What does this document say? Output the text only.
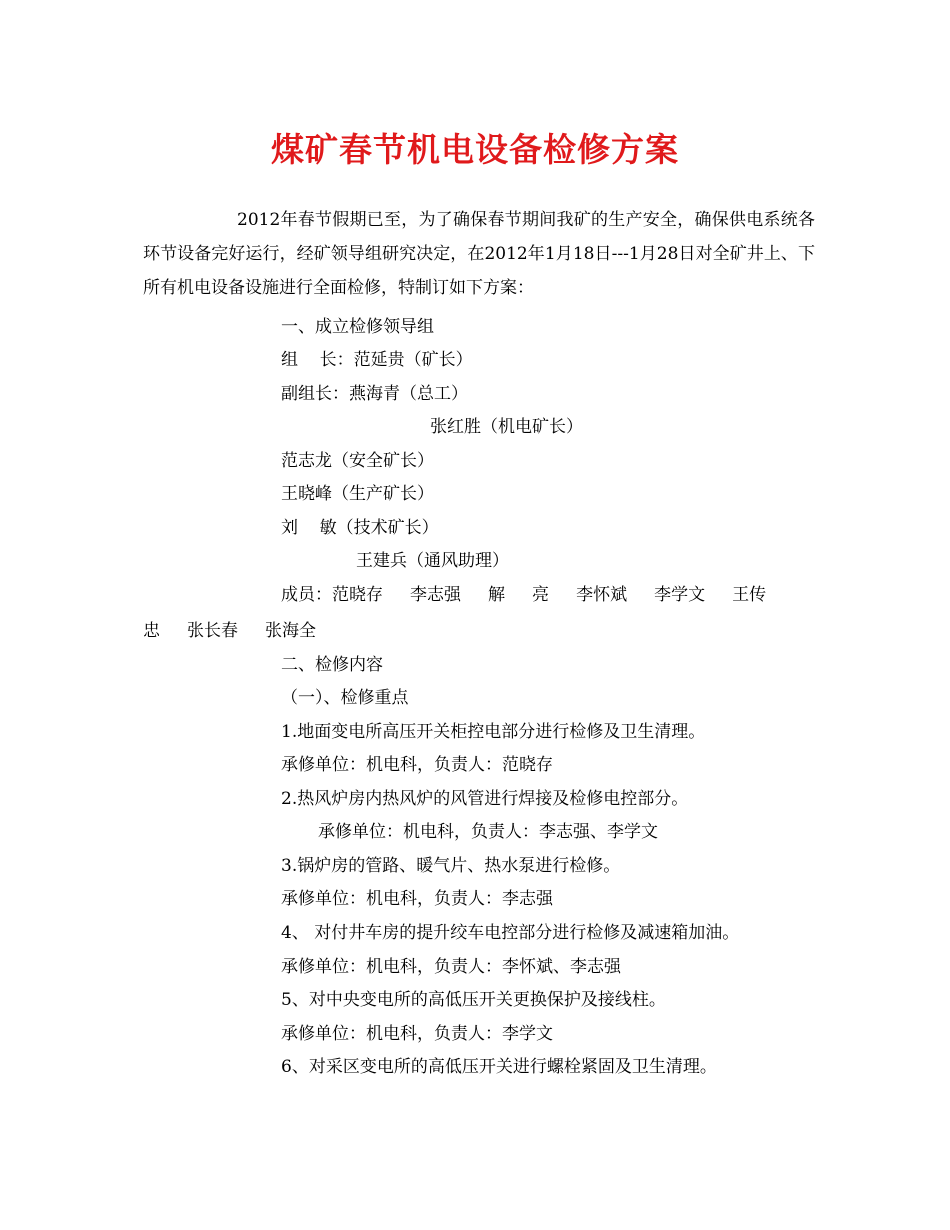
煤矿春节机电设备检修方案
2012年春节假期已至，为了确保春节期间我矿的生产安全，确保供电系统各环节设备完好运行，经矿领导组研究决定，在2012年1月18日---1月28日对全矿井上、下所有机电设备设施进行全面检修，特制订如下方案：
一、成立检修领导组
组    长：范延贵（矿长）
副组长：燕海青（总工）
张红胜（机电矿长）
范志龙（安全矿长）
王晓峰（生产矿长）
刘    敏（技术矿长）
王建兵（通风助理）
成员：范晓存     李志强     解     亮     李怀斌     李学文     王传
忠     张长春     张海全
二、检修内容
（一）、检修重点
1.地面变电所高压开关柜控电部分进行检修及卫生清理。
承修单位：机电科，负责人：范晓存
2.热风炉房内热风炉的风管进行焊接及检修电控部分。
承修单位：机电科，负责人：李志强、李学文
3.锅炉房的管路、暖气片、热水泵进行检修。
承修单位：机电科，负责人：李志强
4、 对付井车房的提升绞车电控部分进行检修及减速箱加油。
承修单位：机电科，负责人：李怀斌、李志强
5、对中央变电所的高低压开关更换保护及接线柱。
承修单位：机电科，负责人：李学文
6、对采区变电所的高低压开关进行螺栓紧固及卫生清理。
